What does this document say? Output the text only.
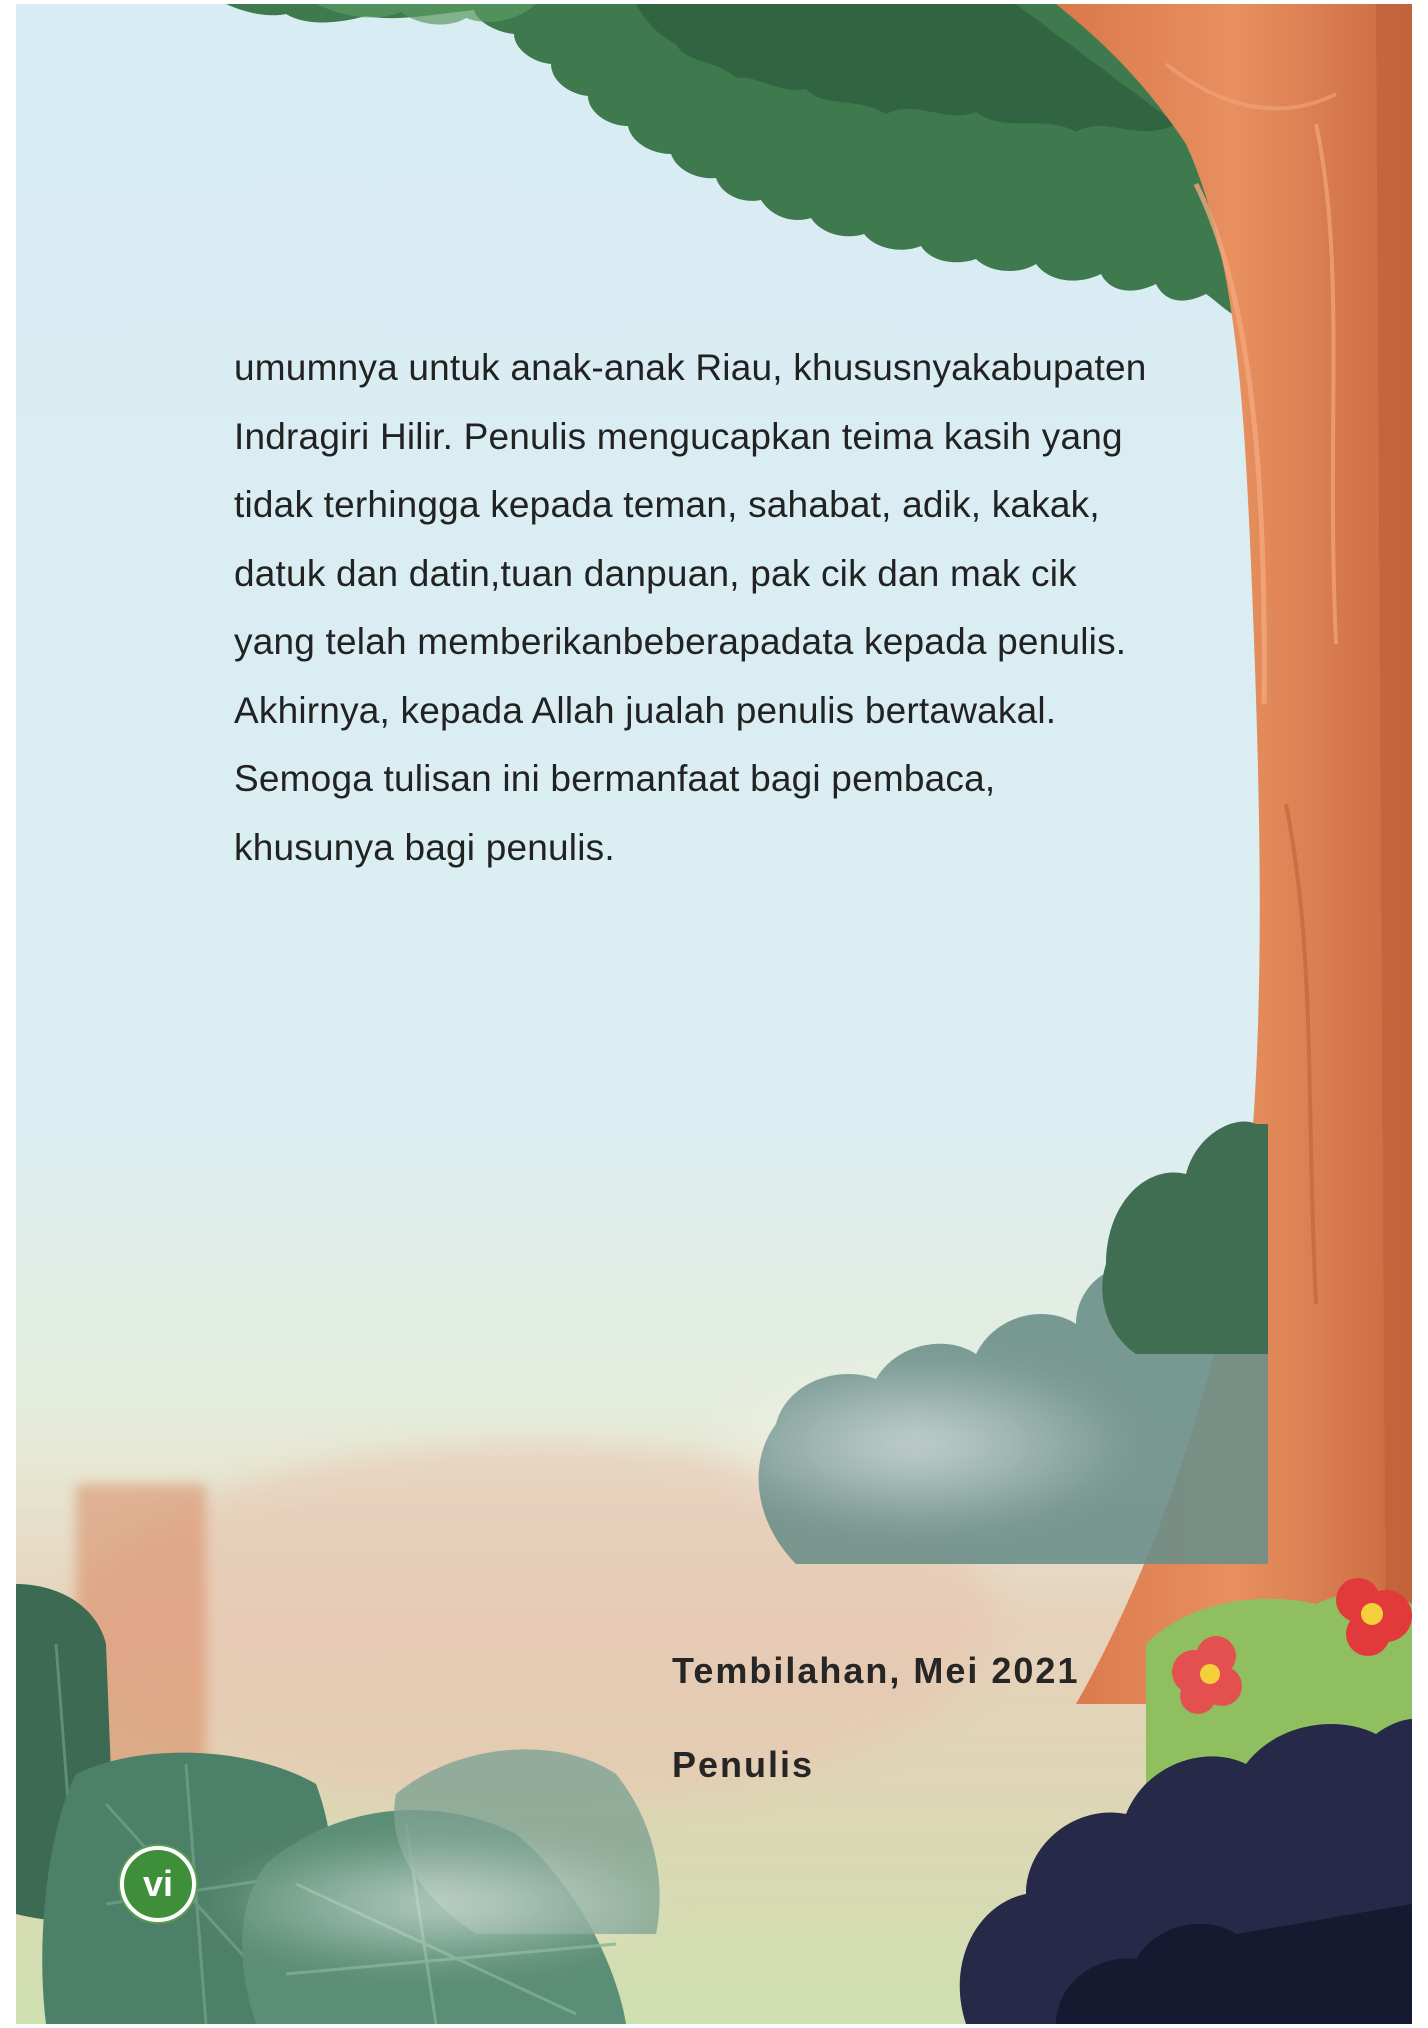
umumnya untuk anak-anak Riau, khususnyakabupaten
Indragiri Hilir. Penulis mengucapkan teima kasih yang
tidak terhingga kepada teman, sahabat, adik, kakak,
datuk dan datin,tuan danpuan, pak cik dan mak cik
yang telah memberikanbeberapadata kepada penulis.
Akhirnya, kepada Allah jualah penulis bertawakal.
Semoga tulisan ini bermanfaat bagi pembaca,
khusunya bagi penulis.
Tembilahan, Mei 2021
Penulis
vi
